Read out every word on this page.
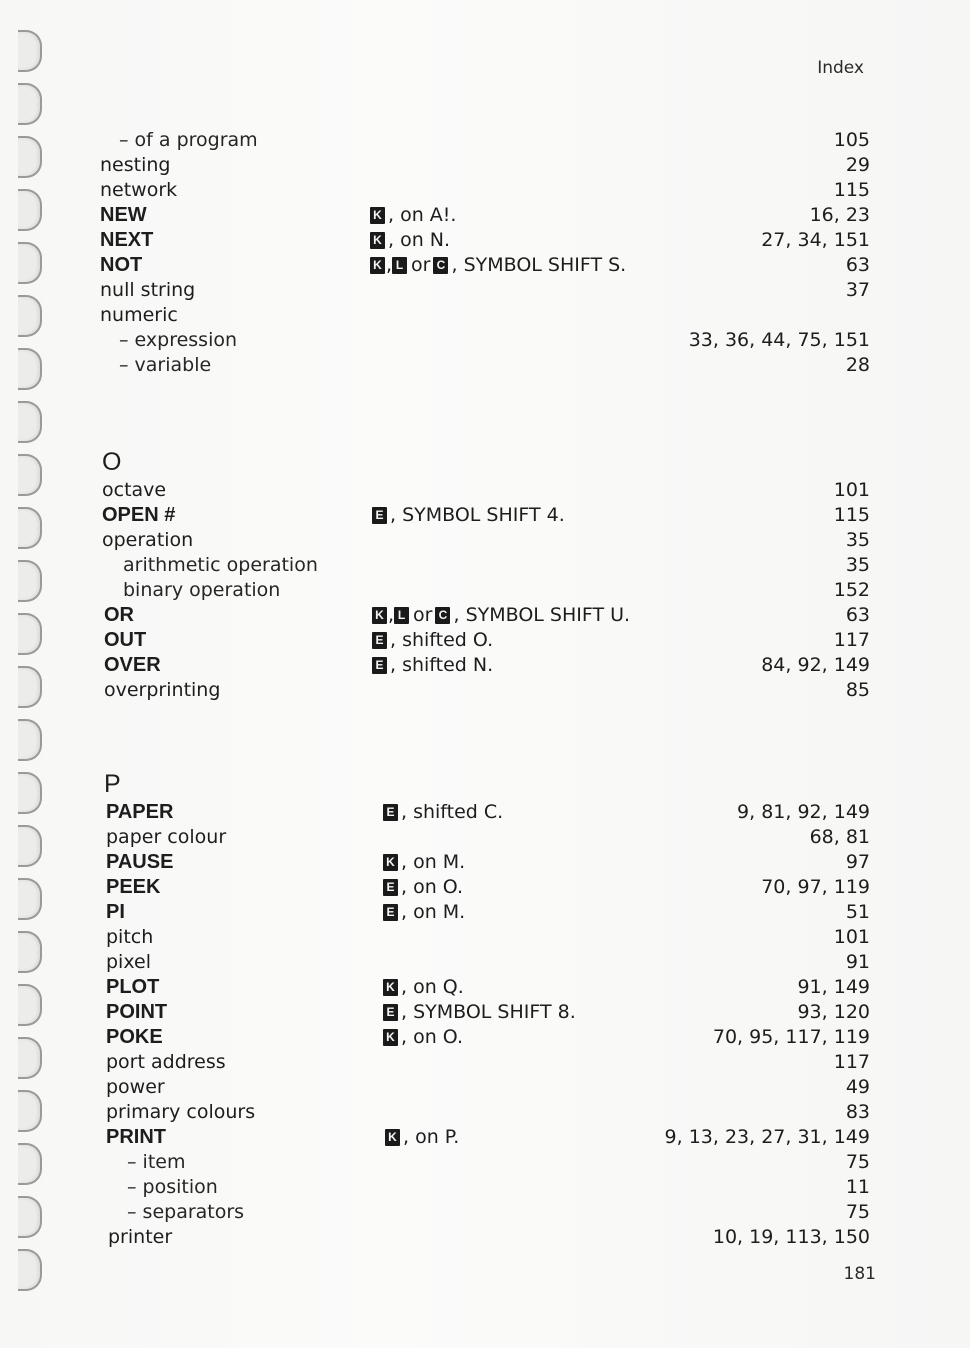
Index
O
P
– of a program	105
nesting	29
network	115
NEW	K , on A!.	16, 23
NEXT	K , on N.	27, 34, 151
NOT	K , L or C , SYMBOL SHIFT S.	63
null string	37
numeric
– expression	33, 36, 44, 75, 151
– variable	28
octave	101
OPEN #	E , SYMBOL SHIFT 4.	115
operation	35
arithmetic operation	35
binary operation	152
OR	K , L or C , SYMBOL SHIFT U.	63
OUT	E , shifted O.	117
OVER	E , shifted N.	84, 92, 149
overprinting	85
PAPER	E , shifted C.	9, 81, 92, 149
paper colour	68, 81
PAUSE	K , on M.	97
PEEK	E , on O.	70, 97, 119
PI	E , on M.	51
pitch	101
pixel	91
PLOT	K , on Q.	91, 149
POINT	E , SYMBOL SHIFT 8.	93, 120
POKE	K , on O.	70, 95, 117, 119
port address	117
power	49
primary colours	83
PRINT	K , on P.	9, 13, 23, 27, 31, 149
– item	75
– position	11
– separators	75
printer	10, 19, 113, 150
181
